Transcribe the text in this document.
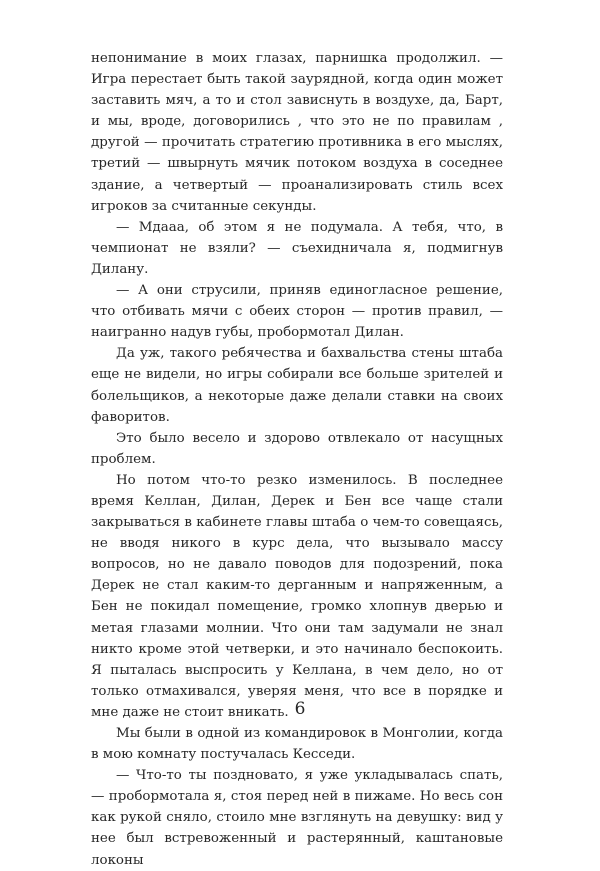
непонимание в моих глазах, парнишка продолжил. — Игра перестает быть такой заурядной, когда один может заставить мяч, а то и стол зависнуть в воздухе, да, Барт, и мы, вроде, договорились , что это не по правилам , другой — прочитать стратегию противника в его мыслях, третий — швырнуть мячик потоком воздуха в соседнее здание, а четвертый — проанализировать стиль всех игроков за считанные секунды.

— Мдааа, об этом я не подумала. А тебя, что, в чемпионат не взяли? — съехидничала я, подмигнув Дилану.

— А они струсили, приняв единогласное решение, что отбивать мячи с обеих сторон — против правил, — наигранно надув губы, пробормотал Дилан.

Да уж, такого ребячества и бахвальства стены штаба еще не видели, но игры собирали все больше зрителей и болельщиков, а некоторые даже делали ставки на своих фаворитов.

Это было весело и здорово отвлекало от насущных проблем.

Но потом что-то резко изменилось. В последнее время Келлан, Дилан, Дерек и Бен все чаще стали закрываться в кабинете главы штаба о чем-то совещаясь, не вводя никого в курс дела, что вызывало массу вопросов, но не давало поводов для подозрений, пока Дерек не стал каким-то дерганным и напряженным, а Бен не покидал помещение, громко хлопнув дверью и метая глазами молнии. Что они там задумали не знал никто кроме этой четверки, и это начинало беспокоить. Я пыталась выспросить у Келлана, в чем дело, но от только отмахивался, уверяя меня, что все в порядке и мне даже не стоит вникать.

Мы были в одной из командировок в Монголии, когда в мою комнату постучалась Кесседи.

— Что-то ты поздновато, я уже укладывалась спать, — пробормотала я, стоя перед ней в пижаме. Но весь сон как рукой сняло, стоило мне взглянуть на девушку: вид у нее был встревоженный и растерянный, каштановые локоны

6
